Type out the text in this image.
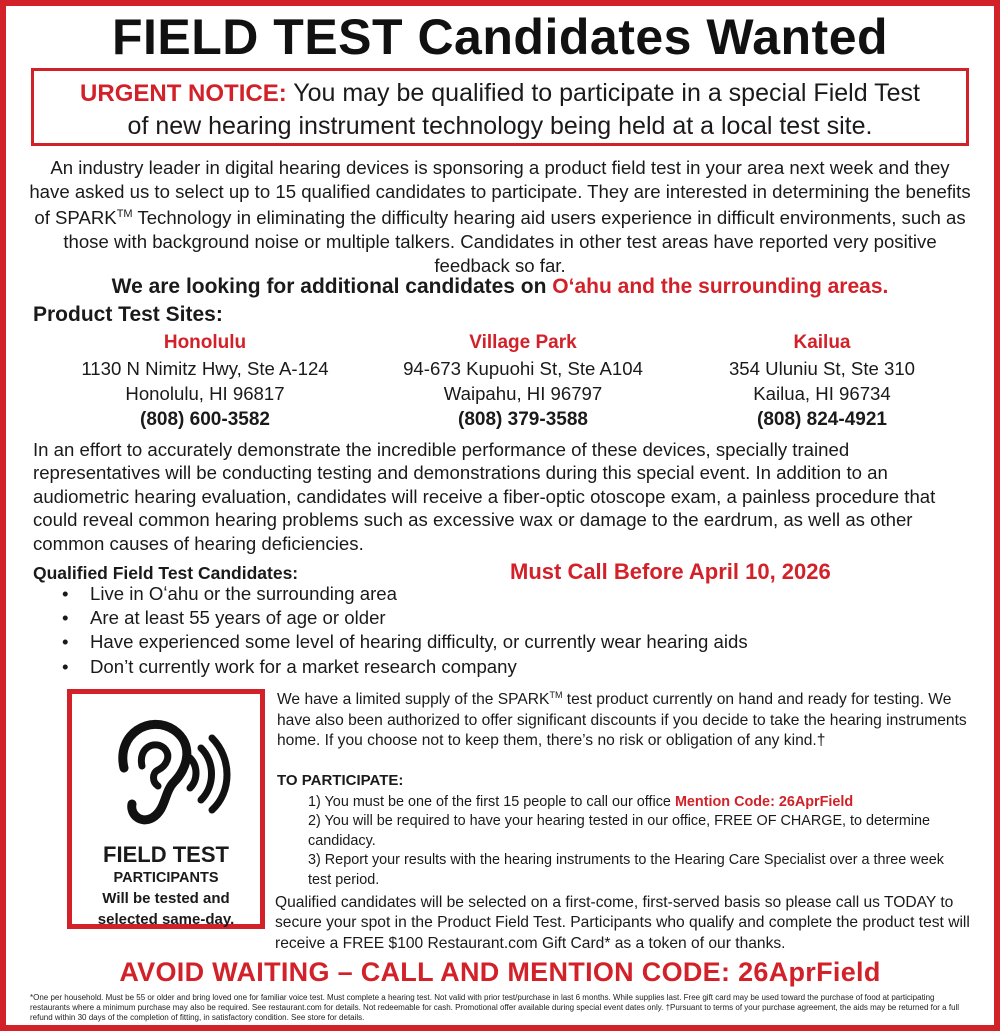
FIELD TEST Candidates Wanted
URGENT NOTICE: You may be qualified to participate in a special Field Test
of new hearing instrument technology being held at a local test site.
An industry leader in digital hearing devices is sponsoring a product field test in your area next week and they have asked us to select up to 15 qualified candidates to participate. They are interested in determining the benefits of SPARK™ Technology in eliminating the difficulty hearing aid users experience in difficult environments, such as those with background noise or multiple talkers. Candidates in other test areas have reported very positive feedback so far.
We are looking for additional candidates on Oʻahu and the surrounding areas.
Product Test Sites:
Honolulu
1130 N Nimitz Hwy, Ste A-124
Honolulu, HI 96817
(808) 600-3582
Village Park
94-673 Kupuohi St, Ste A104
Waipahu, HI 96797
(808) 379-3588
Kailua
354 Uluniu St, Ste 310
Kailua, HI 96734
(808) 824-4921
In an effort to accurately demonstrate the incredible performance of these devices, specially trained representatives will be conducting testing and demonstrations during this special event. In addition to an audiometric hearing evaluation, candidates will receive a fiber-optic otoscope exam, a painless procedure that could reveal common hearing problems such as excessive wax or damage to the eardrum, as well as other common causes of hearing deficiencies.
Qualified Field Test Candidates:	Must Call Before April 10, 2026
• Live in Oʻahu or the surrounding area
• Are at least 55 years of age or older
• Have experienced some level of hearing difficulty, or currently wear hearing aids
• Don’t currently work for a market research company
FIELD TEST
PARTICIPANTS
Will be tested and
selected same-day.
We have a limited supply of the SPARK™ test product currently on hand and ready for testing. We have also been authorized to offer significant discounts if you decide to take the hearing instruments home. If you choose not to keep them, there’s no risk or obligation of any kind.†
TO PARTICIPATE:
1) You must be one of the first 15 people to call our office Mention Code: 26AprField
2) You will be required to have your hearing tested in our office, FREE OF CHARGE, to determine candidacy.
3) Report your results with the hearing instruments to the Hearing Care Specialist over a three week test period.
Qualified candidates will be selected on a first-come, first-served basis so please call us TODAY to secure your spot in the Product Field Test. Participants who qualify and complete the product test will receive a FREE $100 Restaurant.com Gift Card* as a token of our thanks.
AVOID WAITING – CALL AND MENTION CODE: 26AprField
*One per household. Must be 55 or older and bring loved one for familiar voice test. Must complete a hearing test. Not valid with prior test/purchase in last 6 months. While supplies last. Free gift card may be used toward the purchase of food at participating restaurants where a minimum purchase may also be required. See restaurant.com for details. Not redeemable for cash. Promotional offer available during special event dates only. †Pursuant to terms of your purchase agreement, the aids may be returned for a full refund within 30 days of the completion of fitting, in satisfactory condition. See store for details.
